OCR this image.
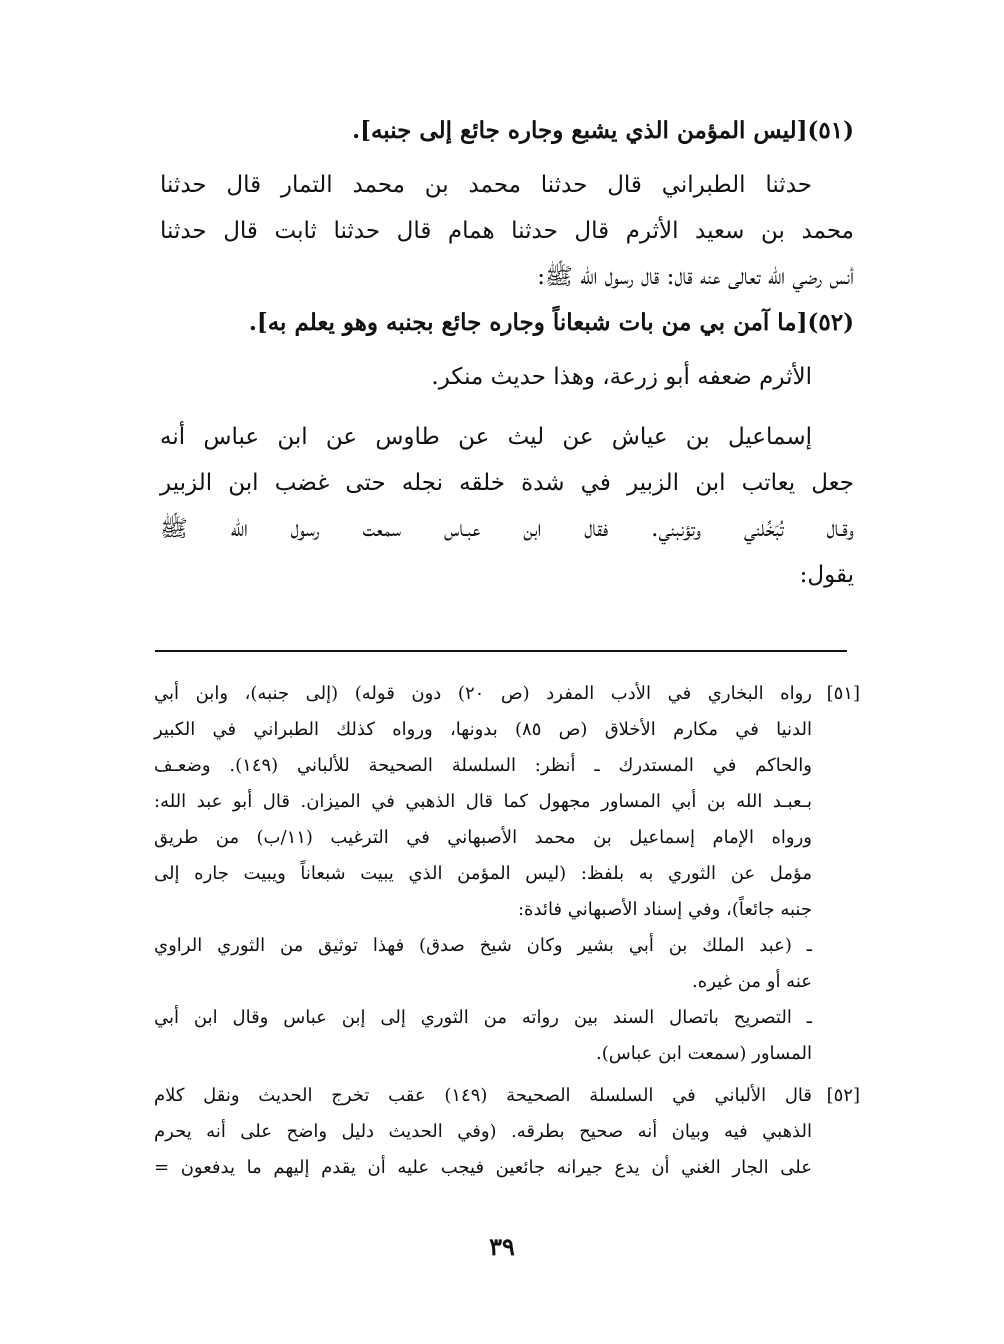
(٥١)[ليس المؤمن الذي يشبع وجاره جائع إلى جنبه].
حدثنا الطبراني قال حدثنا محمد بن محمد التمار قال حدثنا
محمد بن سعيد الأثرم قال حدثنا همام قال حدثنا ثابت قال حدثنا
أنس رضي الله تعالى عنه قال: قال رسول الله ﷺ:
(٥٢)[ما آمن بي من بات شبعاناً وجاره جائع بجنبه وهو يعلم به].
الأثرم ضعفه أبو زرعة، وهذا حديث منكر.
إسماعيل بن عياش عن ليث عن طاوس عن ابن عباس أنه
جعل يعاتب ابن الزبير في شدة خلقه نجله حتى غضب ابن الزبير
وقـال تُبَخِّلني وتؤنبني. فقال ابن عبـاس سمعت رسول الله ﷺ
يقول:
[٥١]
رواه البخاري في الأدب المفرد (ص ٢٠) دون قوله) (إلى جنبه)، وابن أبي
الدنيا في مكارم الأخلاق (ص ٨٥) بدونها، ورواه كذلك الطبراني في الكبير
والحاكم في المستدرك ـ أنظر: السلسلة الصحيحة للألباني (١٤٩). وضعـف
بـعبـد الله بن أبي المساور مجهول كما قال الذهبي في الميزان. قال أبو عبد الله:
ورواه الإمام إسماعيل بن محمد الأصبهاني في الترغيب (١١/ب) من طريق
مؤمل عن الثوري به بلفظ: (ليس المؤمن الذي يبيت شبعاناً ويبيت جاره إلى
جنبه جائعاً)، وفي إسناد الأصبهاني فائدة:
ـ (عبد الملك بن أبي بشير وكان شيخ صدق) فهذا توثيق من الثوري الراوي
عنه أو من غيره.
ـ التصريح باتصال السند بين رواته من الثوري إلى إبن عباس وقال ابن أبي
المساور (سمعت ابن عباس).
[٥٢]
قال الألباني في السلسلة الصحيحة (١٤٩) عقب تخرج الحديث ونقل كلام
الذهبي فيه وبيان أنه صحيح بطرقه. (وفي الحديث دليل واضح على أنه يحرم
على الجار الغني أن يدع جيرانه جائعين فيجب عليه أن يقدم إليهم ما يدفعون =
٣٩
